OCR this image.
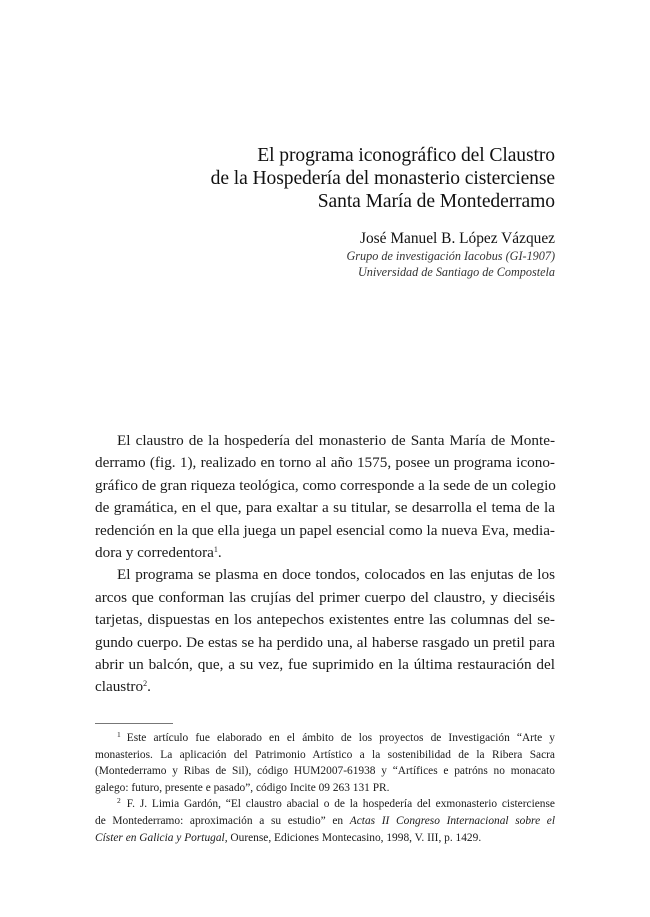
El programa iconográfico del Claustro
de la Hospedería del monasterio cisterciense
Santa María de Montederramo
José Manuel B. López Vázquez
Grupo de investigación Iacobus (GI-1907)
Universidad de Santiago de Compostela

El claustro de la hospedería del monasterio de Santa María de Monte-
derramo (fig. 1), realizado en torno al año 1575, posee un programa icono-
gráfico de gran riqueza teológica, como corresponde a la sede de un colegio
de gramática, en el que, para exaltar a su titular, se desarrolla el tema de la
redención en la que ella juega un papel esencial como la nueva Eva, media-
dora y corredentora$^1$.

El programa se plasma en doce tondos, colocados en las enjutas de los
arcos que conforman las crujías del primer cuerpo del claustro, y dieciséis
tarjetas, dispuestas en los antepechos existentes entre las columnas del se-
gundo cuerpo. De estas se ha perdido una, al haberse rasgado un pretil para
abrir un balcón, que, a su vez, fue suprimido en la última restauración del
claustro$^2$.

$^1$ Este artículo fue elaborado en el ámbito de los proyectos de Investigación “Arte y
monasterios. La aplicación del Patrimonio Artístico a la sostenibilidad de la Ribera Sacra
(Montederramo y Ribas de Sil), código HUM2007-61938 y “Artífices e patróns no monacato
galego: futuro, presente e pasado”, código Incite 09 263 131 PR.
$^2$ F. J. Limia Gardón, “El claustro abacial o de la hospedería del exmonasterio cisterciense
de Montederramo: aproximación a su estudio” en Actas II Congreso Internacional sobre el
Císter en Galicia y Portugal, Ourense, Ediciones Montecasino, 1998, V. III, p. 1429.
